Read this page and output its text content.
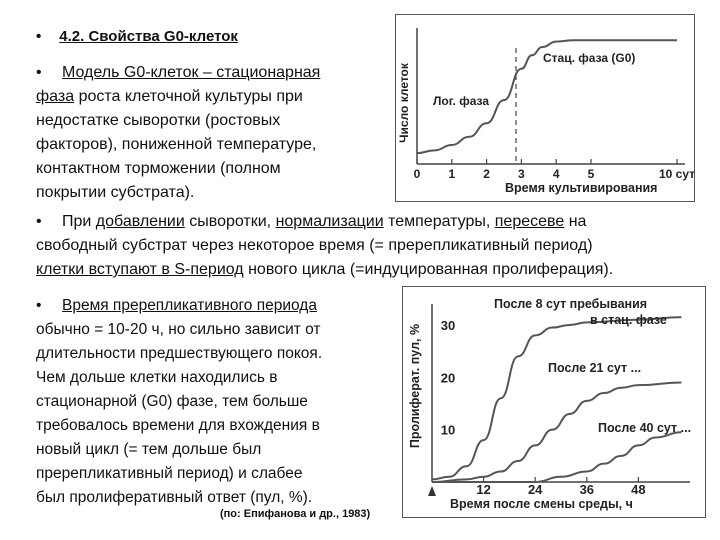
• 4.2. Свойства G0-клеток
• Модель G0-клеток – стационарная
фаза роста клеточной культуры при
недостатке сыворотки (ростовых
факторов), пониженной температуре,
контактном торможении (полном
покрытии субстрата).
• При добавлении сыворотки, нормализации температуры, пересеве на
свободный субстрат через некоторое время (= пререпликативный период)
клетки вступают в S-период нового цикла (=индуцированная пролиферация).
• Время пререпликативного периода
обычно = 10-20 ч, но сильно зависит от
длительности предшествующего покоя.
Чем дольше клетки находились в
стационарной (G0) фазе, тем больше
требовалось времени для вхождения в
новый цикл (= тем дольше был
пререпликативный период) и слабее
был пролиферативный ответ (пул, %).
(по: Епифанова и др., 1983)
Число клеток
0 1 2 3 4 5	10 сут
Лог. фаза
Стац. фаза (G0)
Время культивирования
Пролиферат. пул, % 10
20
30
12	24	36	48
После 8 сут пребывания
в стац. фазе
После 21 сут ...
После 40 сут ...
Время после смены среды, ч
